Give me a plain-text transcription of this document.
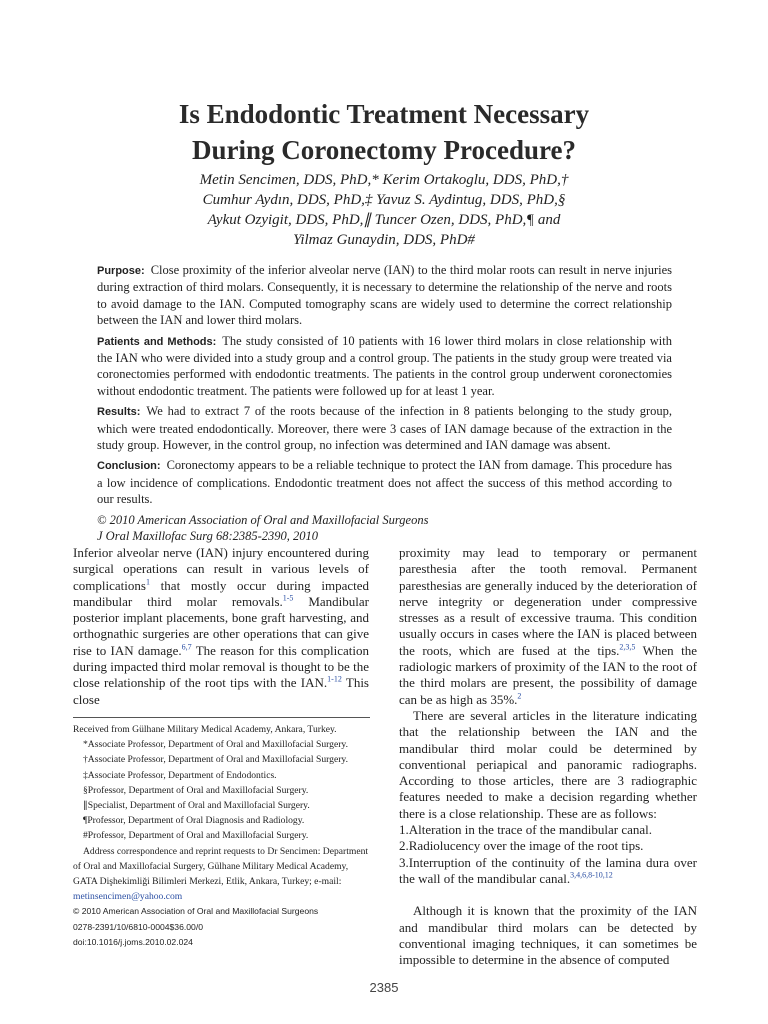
Is Endodontic Treatment Necessary
During Coronectomy Procedure?
Metin Sencimen, DDS, PhD,* Kerim Ortakoglu, DDS, PhD,†
Cumhur Aydın, DDS, PhD,‡ Yavuz S. Aydintug, DDS, PhD,§
Aykut Ozyigit, DDS, PhD,∥ Tuncer Ozen, DDS, PhD,¶ and
Yilmaz Gunaydin, DDS, PhD#

Purpose: Close proximity of the inferior alveolar nerve (IAN) to the third molar roots can result in nerve injuries during extraction of third molars. Consequently, it is necessary to determine the relationship of the nerve and roots to avoid damage to the IAN. Computed tomography scans are widely used to determine the correct relationship between the IAN and lower third molars.

Patients and Methods: The study consisted of 10 patients with 16 lower third molars in close relationship with the IAN who were divided into a study group and a control group. The patients in the study group were treated via coronectomies performed with endodontic treatments. The patients in the control group underwent coronectomies without endodontic treatment. The patients were followed up for at least 1 year.

Results: We had to extract 7 of the roots because of the infection in 8 patients belonging to the study group, which were treated endodontically. Moreover, there were 3 cases of IAN damage because of the extraction in the study group. However, in the control group, no infection was determined and IAN damage was absent.

Conclusion: Coronectomy appears to be a reliable technique to protect the IAN from damage. This procedure has a low incidence of complications. Endodontic treatment does not affect the success of this method according to our results.

© 2010 American Association of Oral and Maxillofacial Surgeons

J Oral Maxillofac Surg 68:2385-2390, 2010

Inferior alveolar nerve (IAN) injury encountered during surgical operations can result in various levels of complications$^1$ that mostly occur during impacted mandibular third molar removals.$^{1-5}$ Mandibular posterior implant placements, bone graft harvesting, and orthognathic surgeries are other operations that can give rise to IAN damage.$^{6,7}$ The reason for this complication during impacted third molar removal is thought to be the close relationship of the root tips with the IAN.$^{1-12}$ This close

Received from Gülhane Military Medical Academy, Ankara, Turkey.

*Associate Professor, Department of Oral and Maxillofacial Surgery.

†Associate Professor, Department of Oral and Maxillofacial Surgery.

‡Associate Professor, Department of Endodontics.

§Professor, Department of Oral and Maxillofacial Surgery.

∥Specialist, Department of Oral and Maxillofacial Surgery.

¶Professor, Department of Oral Diagnosis and Radiology.

#Professor, Department of Oral and Maxillofacial Surgery.

Address correspondence and reprint requests to Dr Sencimen: Department of Oral and Maxillofacial Surgery, Gülhane Military Medical Academy, GATA Dişhekimliği Bilimleri Merkezi, Etlik, Ankara, Turkey; e-mail: metinsencimen@yahoo.com

© 2010 American Association of Oral and Maxillofacial Surgeons

0278-2391/10/6810-0004$36.00/0

doi:10.1016/j.joms.2010.02.024

proximity may lead to temporary or permanent paresthesia after the tooth removal. Permanent paresthesias are generally induced by the deterioration of nerve integrity or degeneration under compressive stresses as a result of excessive trauma. This condition usually occurs in cases where the IAN is placed between the roots, which are fused at the tips.$^{2,3,5}$ When the radiologic markers of proximity of the IAN to the root of the third molars are present, the possibility of damage can be as high as 35%.$^2$

There are several articles in the literature indicating that the relationship between the IAN and the mandibular third molar could be determined by conventional periapical and panoramic radiographs. According to those articles, there are 3 radiographic features needed to make a decision regarding whether there is a close relationship. These are as follows:

1.Alteration in the trace of the mandibular canal.
2.Radiolucency over the image of the root tips.

3.Interruption of the continuity of the lamina dura over the wall of the mandibular canal.$^{3,4,6,8-10,12}$

Although it is known that the proximity of the IAN and mandibular third molars can be detected by conventional imaging techniques, it can sometimes be impossible to determine in the absence of computed

2385
